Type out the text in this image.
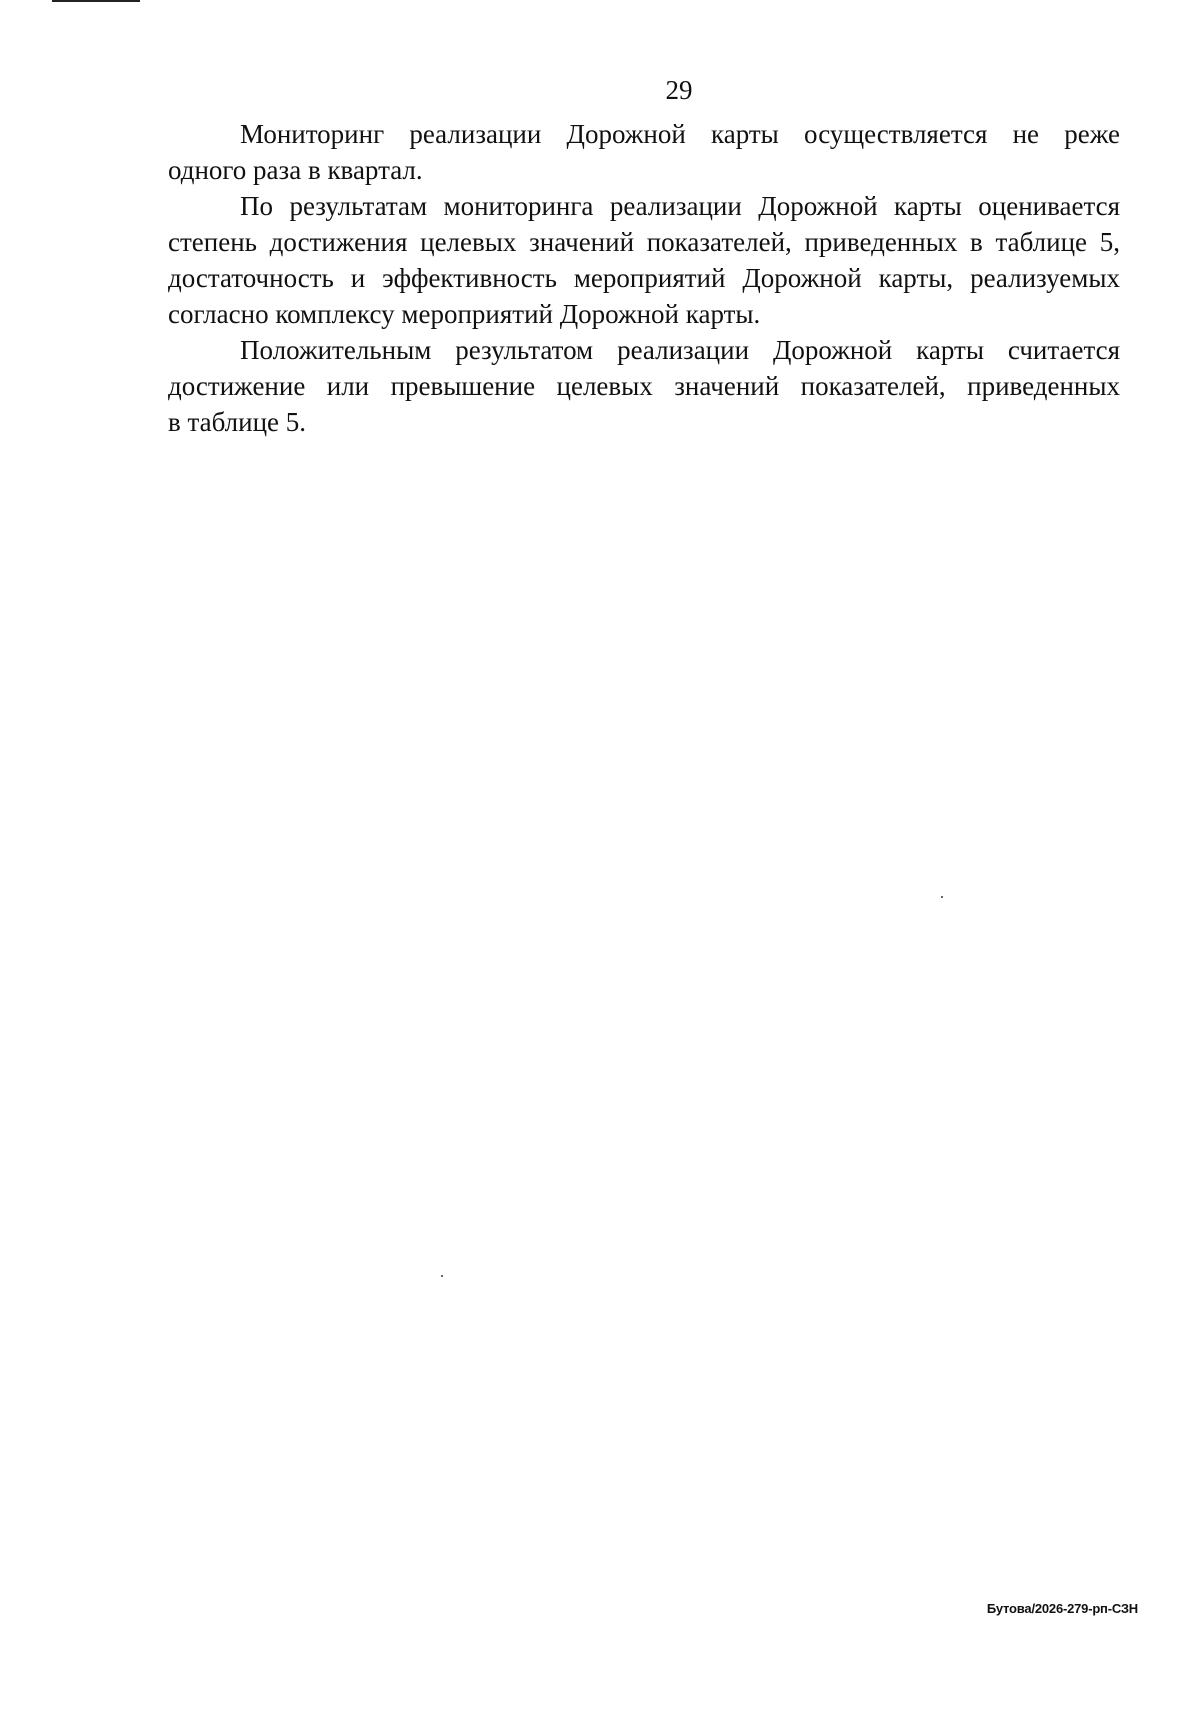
29

Мониторинг реализации Дорожной карты осуществляется не реже
одного раза в квартал.

По результатам мониторинга реализации Дорожной карты оценивается
степень достижения целевых значений показателей, приведенных в таблице 5,
достаточность и эффективность мероприятий Дорожной карты, реализуемых
согласно комплексу мероприятий Дорожной карты.

Положительным результатом реализации Дорожной карты считается
достижение или превышение целевых значений показателей, приведенных
в таблице 5.

Бутова/2026-279-рп-СЗН
